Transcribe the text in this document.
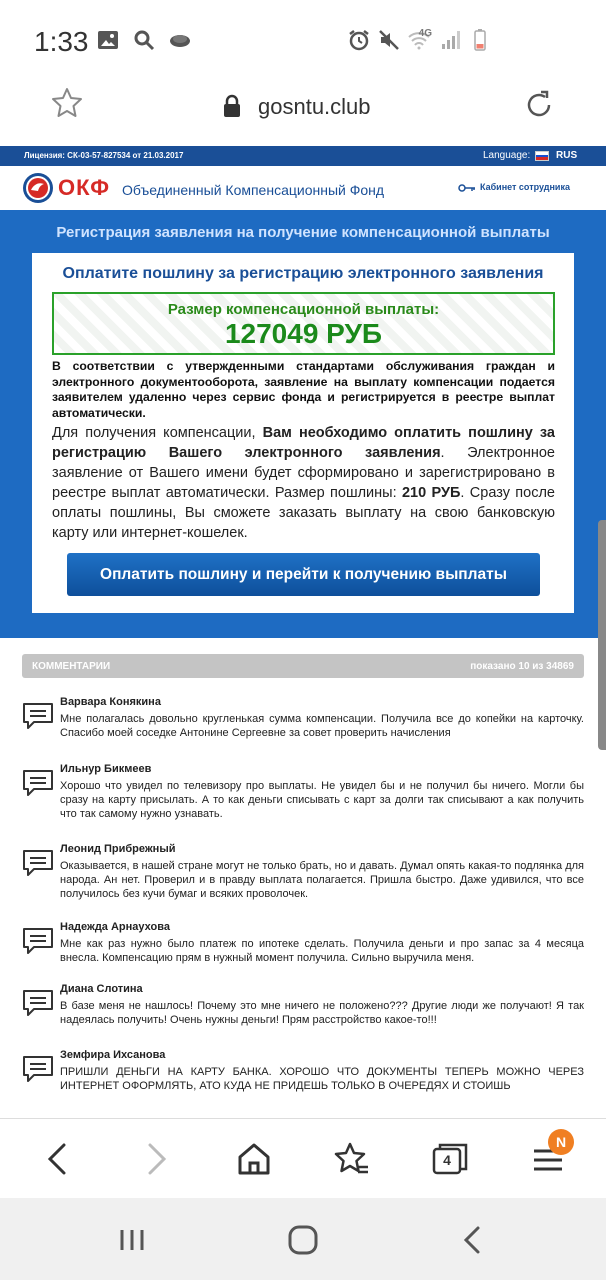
1:33	4G
gosntu.club
Лицензия: СК-03-57-827534 от 21.03.2017	Language:	RUS
ОКФ Объединенный Компенсационный Фонд	Кабинет сотрудника
Регистрация заявления на получение компенсационной выплаты
Оплатите пошлину за регистрацию электронного заявления
Размер компенсационной выплаты:
127049 РУБ
В соответствии с утвержденными стандартами обслуживания граждан и электронного документооборота, заявление на выплату компенсации подается заявителем удаленно через сервис фонда и регистрируется в реестре выплат автоматически.
Для получения компенсации, Вам необходимо оплатить пошлину за регистрацию Вашего электронного заявления. Электронное заявление от Вашего имени будет сформировано и зарегистрировано в реестре выплат автоматически. Размер пошлины: 210 РУБ. Сразу после оплаты пошлины, Вы сможете заказать выплату на свою банковскую карту или интернет-кошелек.
Оплатить пошлину и перейти к получению выплаты
КОММЕНТАРИИ	показано 10 из 34869
Варвара Конякина
Мне полагалась довольно кругленькая сумма компенсации. Получила все до копейки на карточку. Спасибо моей соседке Антонине Сергеевне за совет проверить начисления
Ильнур Бикмеев
Хорошо что увидел по телевизору про выплаты. Не увидел бы и не получил бы ничего. Могли бы сразу на карту присылать. А то как деньги списывать с карт за долги так списывают а как получить что так самому нужно узнавать.
Леонид Прибрежный
Оказывается, в нашей стране могут не только брать, но и давать. Думал опять какая-то подлянка для народа. Ан нет. Проверил и в правду выплата полагается. Пришла быстро. Даже удивился, что все получилось без кучи бумаг и всяких проволочек.
Надежда Арнаухова
Мне как раз нужно было платеж по ипотеке сделать. Получила деньги и про запас за 4 месяца внесла. Компенсацию прям в нужный момент получила. Сильно выручила меня.
Диана Слотина
В базе меня не нашлось! Почему это мне ничего не положено??? Другие люди же получают! Я так надеялась получить! Очень нужны деньги! Прям расстройство какое-то!!!
Земфира Ихсанова
ПРИШЛИ ДЕНЬГИ НА КАРТУ БАНКА. ХОРОШО ЧТО ДОКУМЕНТЫ ТЕПЕРЬ МОЖНО ЧЕРЕЗ ИНТЕРНЕТ ОФОРМЛЯТЬ, АТО КУДА НЕ ПРИДЕШЬ ТОЛЬКО В ОЧЕРЕДЯХ И СТОИШЬ
4
N
